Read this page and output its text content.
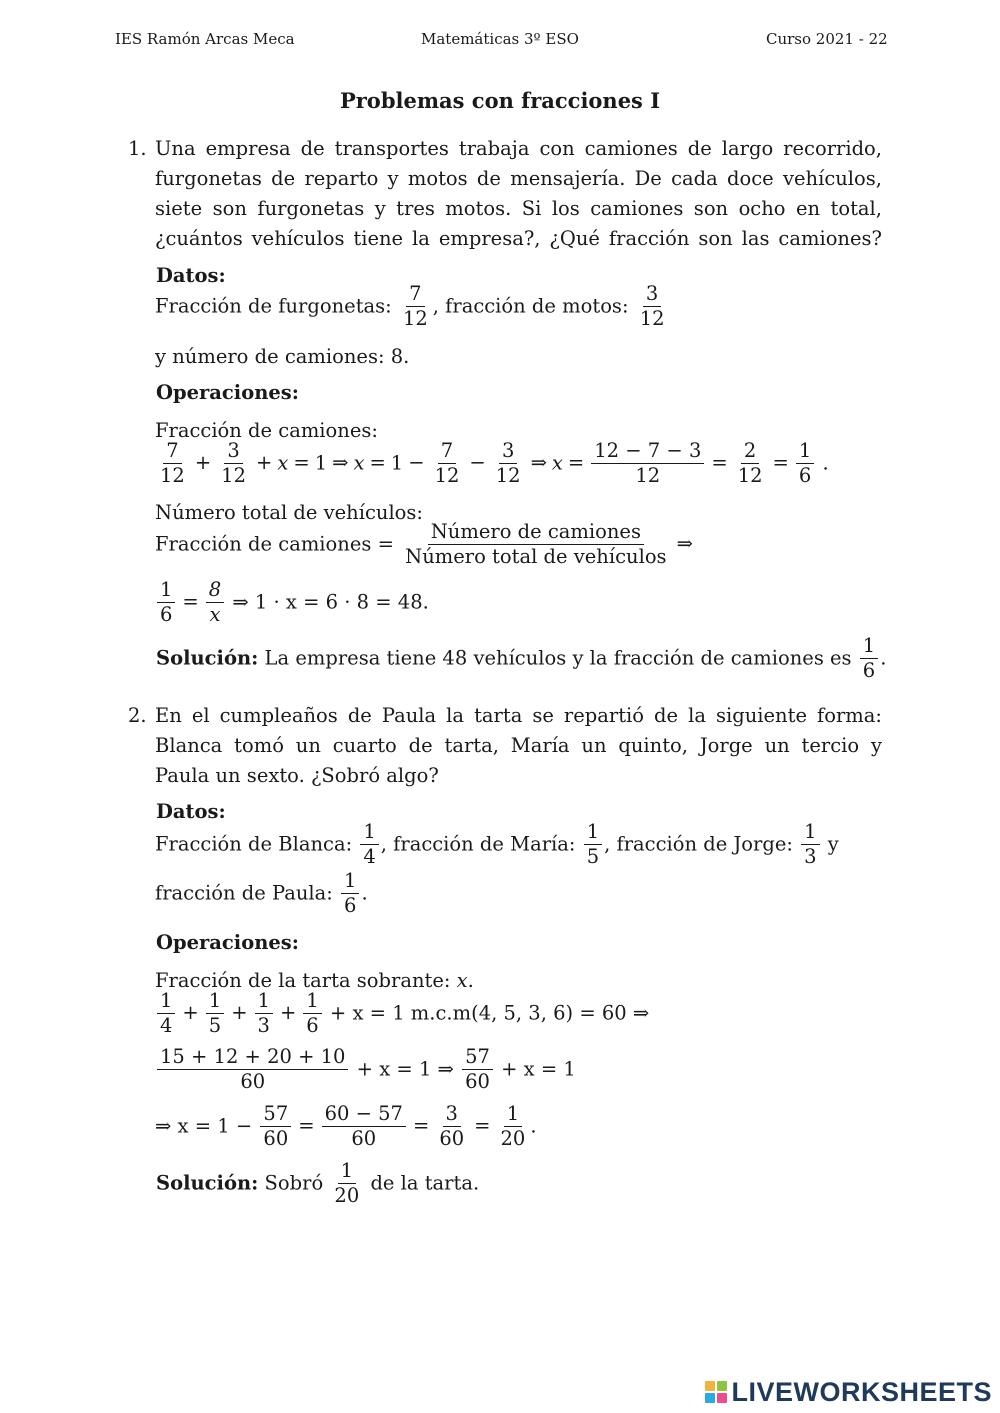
IES Ramón Arcas Meca	Matemáticas 3º ESO	Curso 2021 - 22
Problemas con fracciones I
1. Una empresa de transportes trabaja con camiones de largo recorrido,
furgonetas de reparto y motos de mensajería. De cada doce vehículos,
siete son furgonetas y tres motos. Si los camiones son ocho en total,
¿cuántos vehículos tiene la empresa?, ¿Qué fracción son las camiones?
Datos:
Fracción de furgonetas: $\frac{7}{12}$ , fracción de motos: $\frac{3}{12}$
y número de camiones: 8.
Operaciones:
Fracción de camiones:
$\frac{7}{12} + \frac{3}{12} + x = 1$ ⇒ $x = 1 - \frac{7}{12} - \frac{3}{12}$ ⇒ $x = \frac{12 - 7 - 3}{12} = \frac{2}{12} = \frac{1}{6}$ .
Número total de vehículos:
Fracción de camiones = $\frac{\text{Número de camiones}}{\text{Número total de vehículos}}$ ⇒
$\frac{1}{6} = \frac{8}{x}$ ⇒ 1 · x = 6 · 8 = 48.
Solución: La empresa tiene 48 vehículos y la fracción de camiones es $\frac{1}{6}$ .
2. En el cumpleaños de Paula la tarta se repartió de la siguiente forma:
Blanca tomó un cuarto de tarta, María un quinto, Jorge un tercio y
Paula un sexto. ¿Sobró algo?
Datos:
Fracción de Blanca: $\frac{1}{4}$ , fracción de María: $\frac{1}{5}$ , fracción de Jorge: $\frac{1}{3}$ y
fracción de Paula: $\frac{1}{6}$ .
Operaciones:
Fracción de la tarta sobrante: x.
$\frac{1}{4} + \frac{1}{5} + \frac{1}{3} + \frac{1}{6} + x = 1$ m.c.m(4, 5, 3, 6) = 60 ⇒
$\frac{15 + 12 + 20 + 10}{60} + x = 1$ ⇒ $\frac{57}{60} + x = 1$
⇒ $x = 1 - \frac{57}{60} = \frac{60 - 57}{60} = \frac{3}{60} = \frac{1}{20}$ .
Solución: Sobró $\frac{1}{20}$ de la tarta.
LIVEWORKSHEETS
